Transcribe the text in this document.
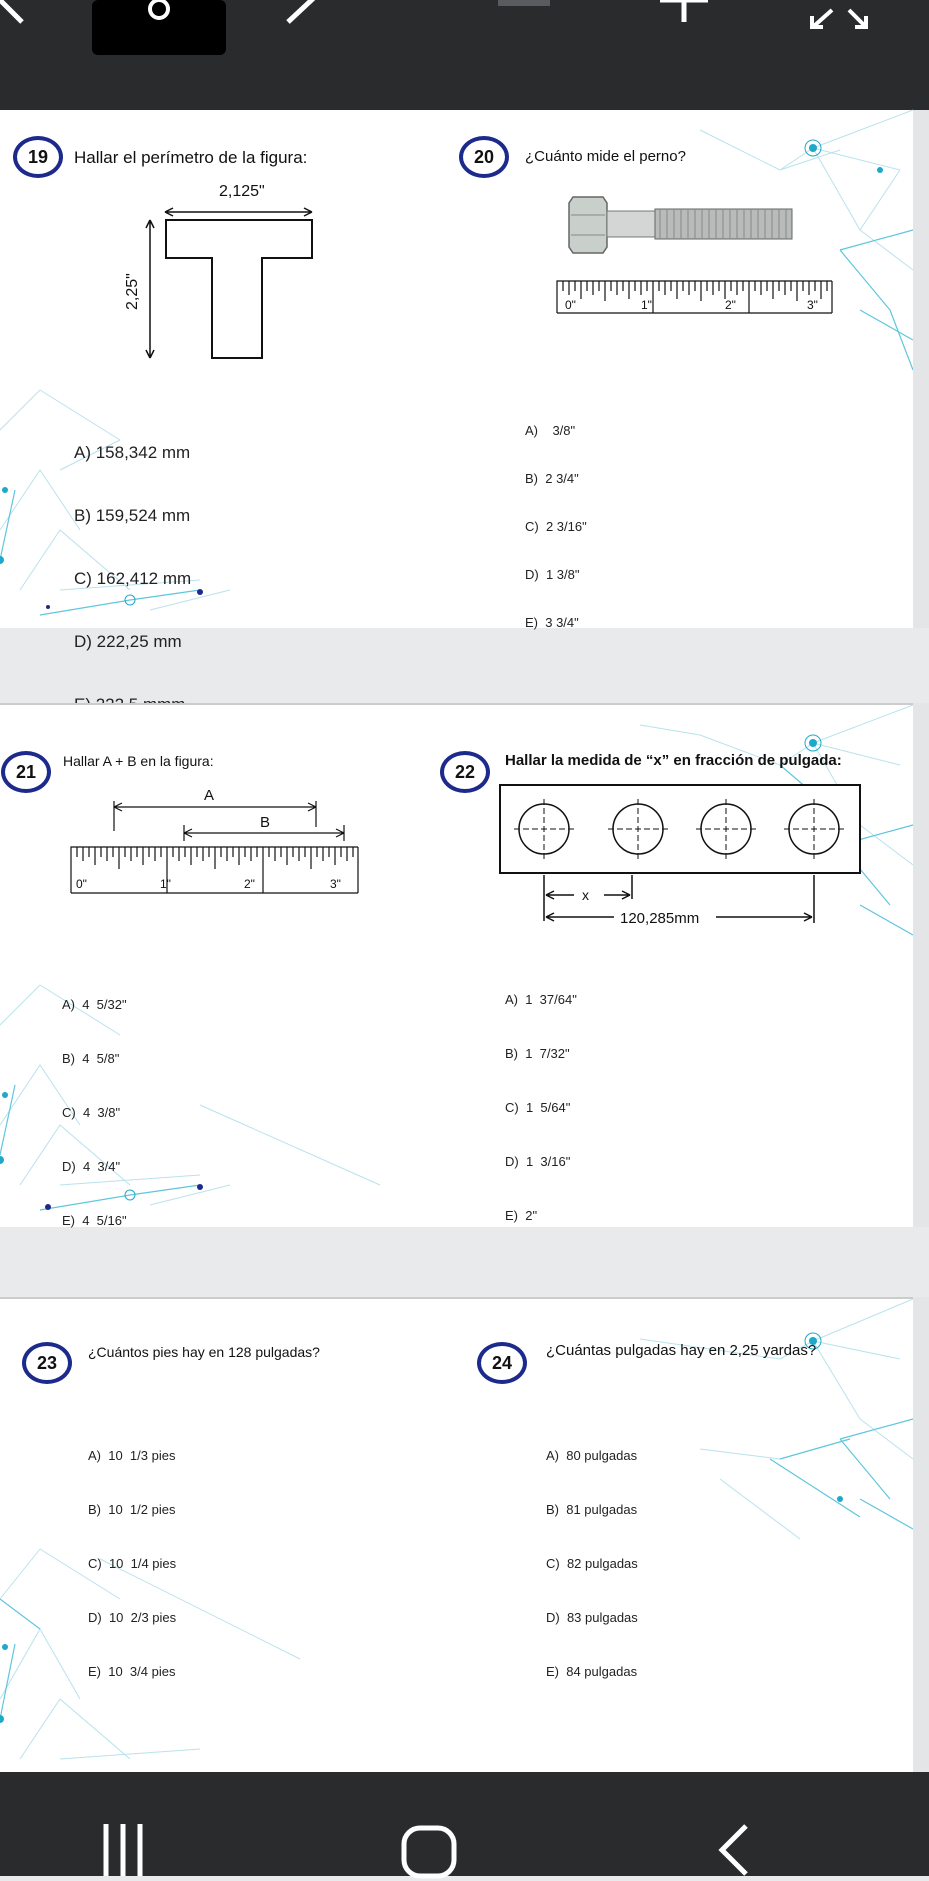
19	Hallar el perímetro de la figura:
2,125"
2,25"

A) 158,342 mm

B) 159,524 mm

C) 162,412 mm

D) 222,25 mm

20	¿Cuánto mide el perno?
0"	1"	2"	3"

A)    3/8"

B)  2 3/4"

C)  2 3/16"

D)  1 3/8"

E)  3 3/4"

21
Hallar A + B en la figura:
A
B
0"	1"	2"	3"

A)  4  5/32"

B)  4  5/8"

C)  4  3/8"

D)  4  3/4"

E)  4  5/16"

22
Hallar la medida de “x” en fracción de pulgada:
x
120,285mm

A)  1  37/64"

B)  1  7/32"

C)  1  5/64"

D)  1  3/16"

E)  2"

23
¿Cuántos pies hay en 128 pulgadas?

A)  10  1/3 pies

B)  10  1/2 pies

C)  10  1/4 pies

D)  10  2/3 pies

E)  10  3/4 pies

24
¿Cuántas pulgadas hay en 2,25 yardas?

A)  80 pulgadas

B)  81 pulgadas

C)  82 pulgadas

D)  83 pulgadas

E)  84 pulgadas
